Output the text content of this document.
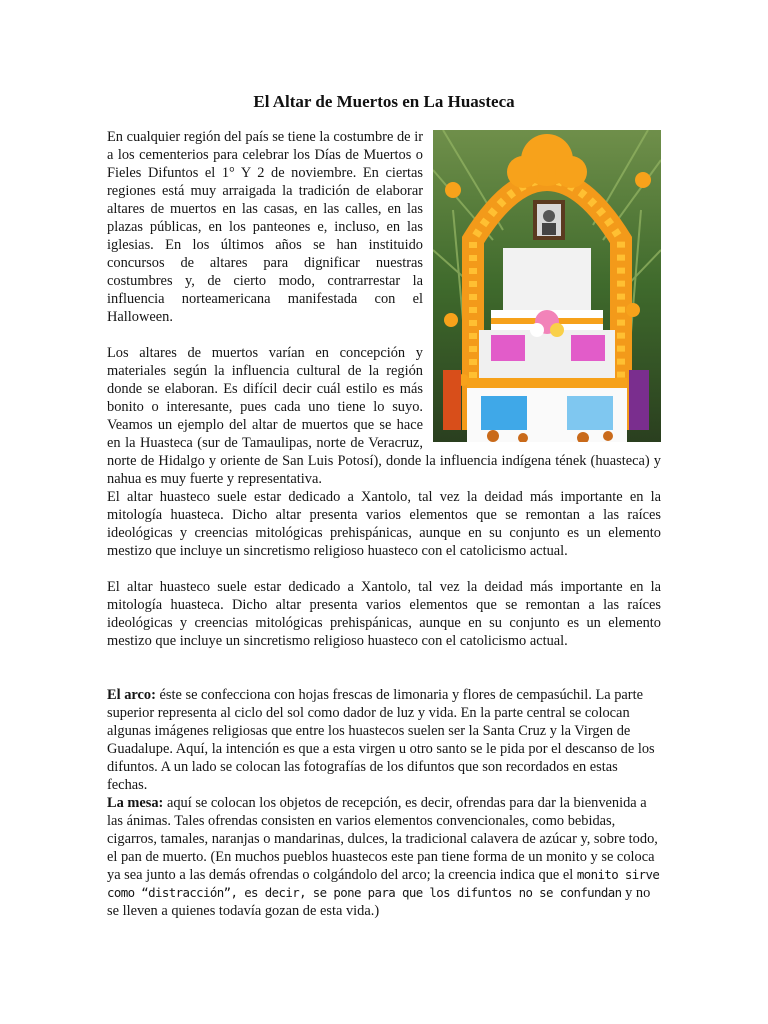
El Altar de Muertos en La Huasteca

En cualquier región del país se tiene la costumbre de ir a los cementerios para celebrar los Días de Muertos o Fieles Difuntos el 1° Y 2 de noviembre. En ciertas regiones está muy arraigada la tradición de elaborar altares de muertos en las casas, en las calles, en las plazas públicas, en los panteones e, incluso, en las iglesias. En los últimos años se han instituido concursos de altares para dignificar nuestras costumbres y, de cierto modo, contrarrestar la influencia norteamericana manifestada con el Halloween.

Los altares de muertos varían en concepción y materiales según la influencia cultural de la región donde se elaboran. Es difícil decir cuál estilo es más bonito o interesante, pues cada uno tiene lo suyo. Veamos un ejemplo del altar de muertos que se hace en la Huasteca (sur de Tamaulipas, norte de Veracruz, norte de Hidalgo y oriente de San Luis Potosí), donde la influencia indígena tének (huasteca) y nahua es muy fuerte y representativa.

El altar huasteco suele estar dedicado a Xantolo, tal vez la deidad más importante en la mitología huasteca. Dicho altar presenta varios elementos que se remontan a las raíces ideológicas y creencias mitológicas prehispánicas, aunque en su conjunto es un elemento mestizo que incluye un sincretismo religioso huasteco con el catolicismo actual.

El altar huasteco suele estar dedicado a Xantolo, tal vez la deidad más importante en la mitología huasteca. Dicho altar presenta varios elementos que se remontan a las raíces ideológicas y creencias mitológicas prehispánicas, aunque en su conjunto es un elemento mestizo que incluye un sincretismo religioso huasteco con el catolicismo actual.

El arco: éste se confecciona con hojas frescas de limonaria y flores de cempasúchil. La parte superior representa al ciclo del sol como dador de luz y vida. En la parte central se colocan algunas imágenes religiosas que entre los huastecos suelen ser la Santa Cruz y la Virgen de Guadalupe. Aquí, la intención es que a esta virgen u otro santo se le pida por el descanso de los difuntos. A un lado se colocan las fotografías de los difuntos que son recordados en estas fechas.

La mesa: aquí se colocan los objetos de recepción, es decir, ofrendas para dar la bienvenida a las ánimas. Tales ofrendas consisten en varios elementos convencionales, como bebidas, cigarros, tamales, naranjas o mandarinas, dulces, la tradicional calavera de azúcar y, sobre todo, el pan de muerto. (En muchos pueblos huastecos este pan tiene forma de un monito y se coloca ya sea junto a las demás ofrendas o colgándolo del arco; la creencia indica que el monito sirve como “distracción”, es decir, se pone para que los difuntos no se confundan y no se lleven a quienes todavía gozan de esta vida.)
